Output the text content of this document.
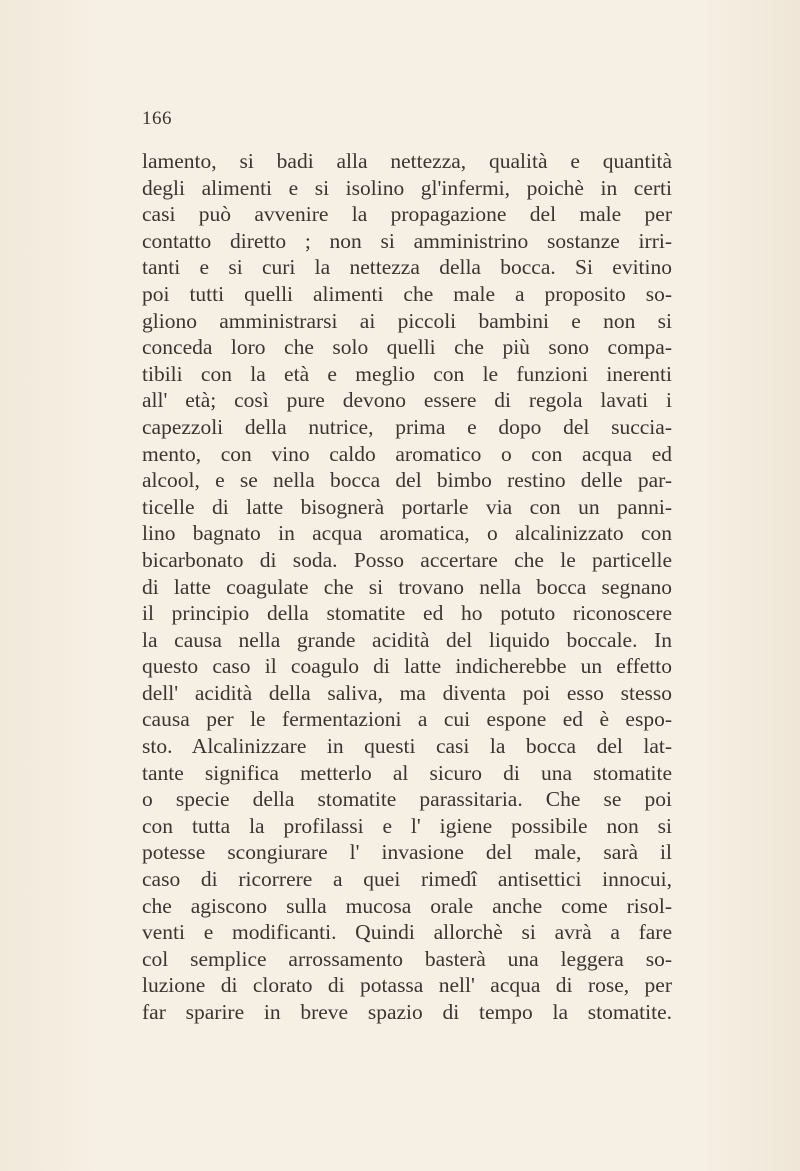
166
lamento, si badi alla nettezza, qualità e quantità
degli alimenti e si isolino gl'infermi, poichè in certi
casi può avvenire la propagazione del male per
contatto diretto ; non si amministrino sostanze irri-
tanti e si curi la nettezza della bocca. Si evitino
poi tutti quelli alimenti che male a proposito so-
gliono amministrarsi ai piccoli bambini e non si
conceda loro che solo quelli che più sono compa-
tibili con la età e meglio con le funzioni inerenti
all' età; così pure devono essere di regola lavati i
capezzoli della nutrice, prima e dopo del succia-
mento, con vino caldo aromatico o con acqua ed
alcool, e se nella bocca del bimbo restino delle par-
ticelle di latte bisognerà portarle via con un panni-
lino bagnato in acqua aromatica, o alcalinizzato con
bicarbonato di soda. Posso accertare che le particelle
di latte coagulate che si trovano nella bocca segnano
il principio della stomatite ed ho potuto riconoscere
la causa nella grande acidità del liquido boccale. In
questo caso il coagulo di latte indicherebbe un effetto
dell' acidità della saliva, ma diventa poi esso stesso
causa per le fermentazioni a cui espone ed è espo-
sto. Alcalinizzare in questi casi la bocca del lat-
tante significa metterlo al sicuro di una stomatite
o specie della stomatite parassitaria. Che se poi
con tutta la profilassi e l' igiene possibile non si
potesse scongiurare l' invasione del male, sarà il
caso di ricorrere a quei rimedî antisettici innocui,
che agiscono sulla mucosa orale anche come risol-
venti e modificanti. Quindi allorchè si avrà a fare
col semplice arrossamento basterà una leggera so-
luzione di clorato di potassa nell' acqua di rose, per
far sparire in breve spazio di tempo la stomatite.
